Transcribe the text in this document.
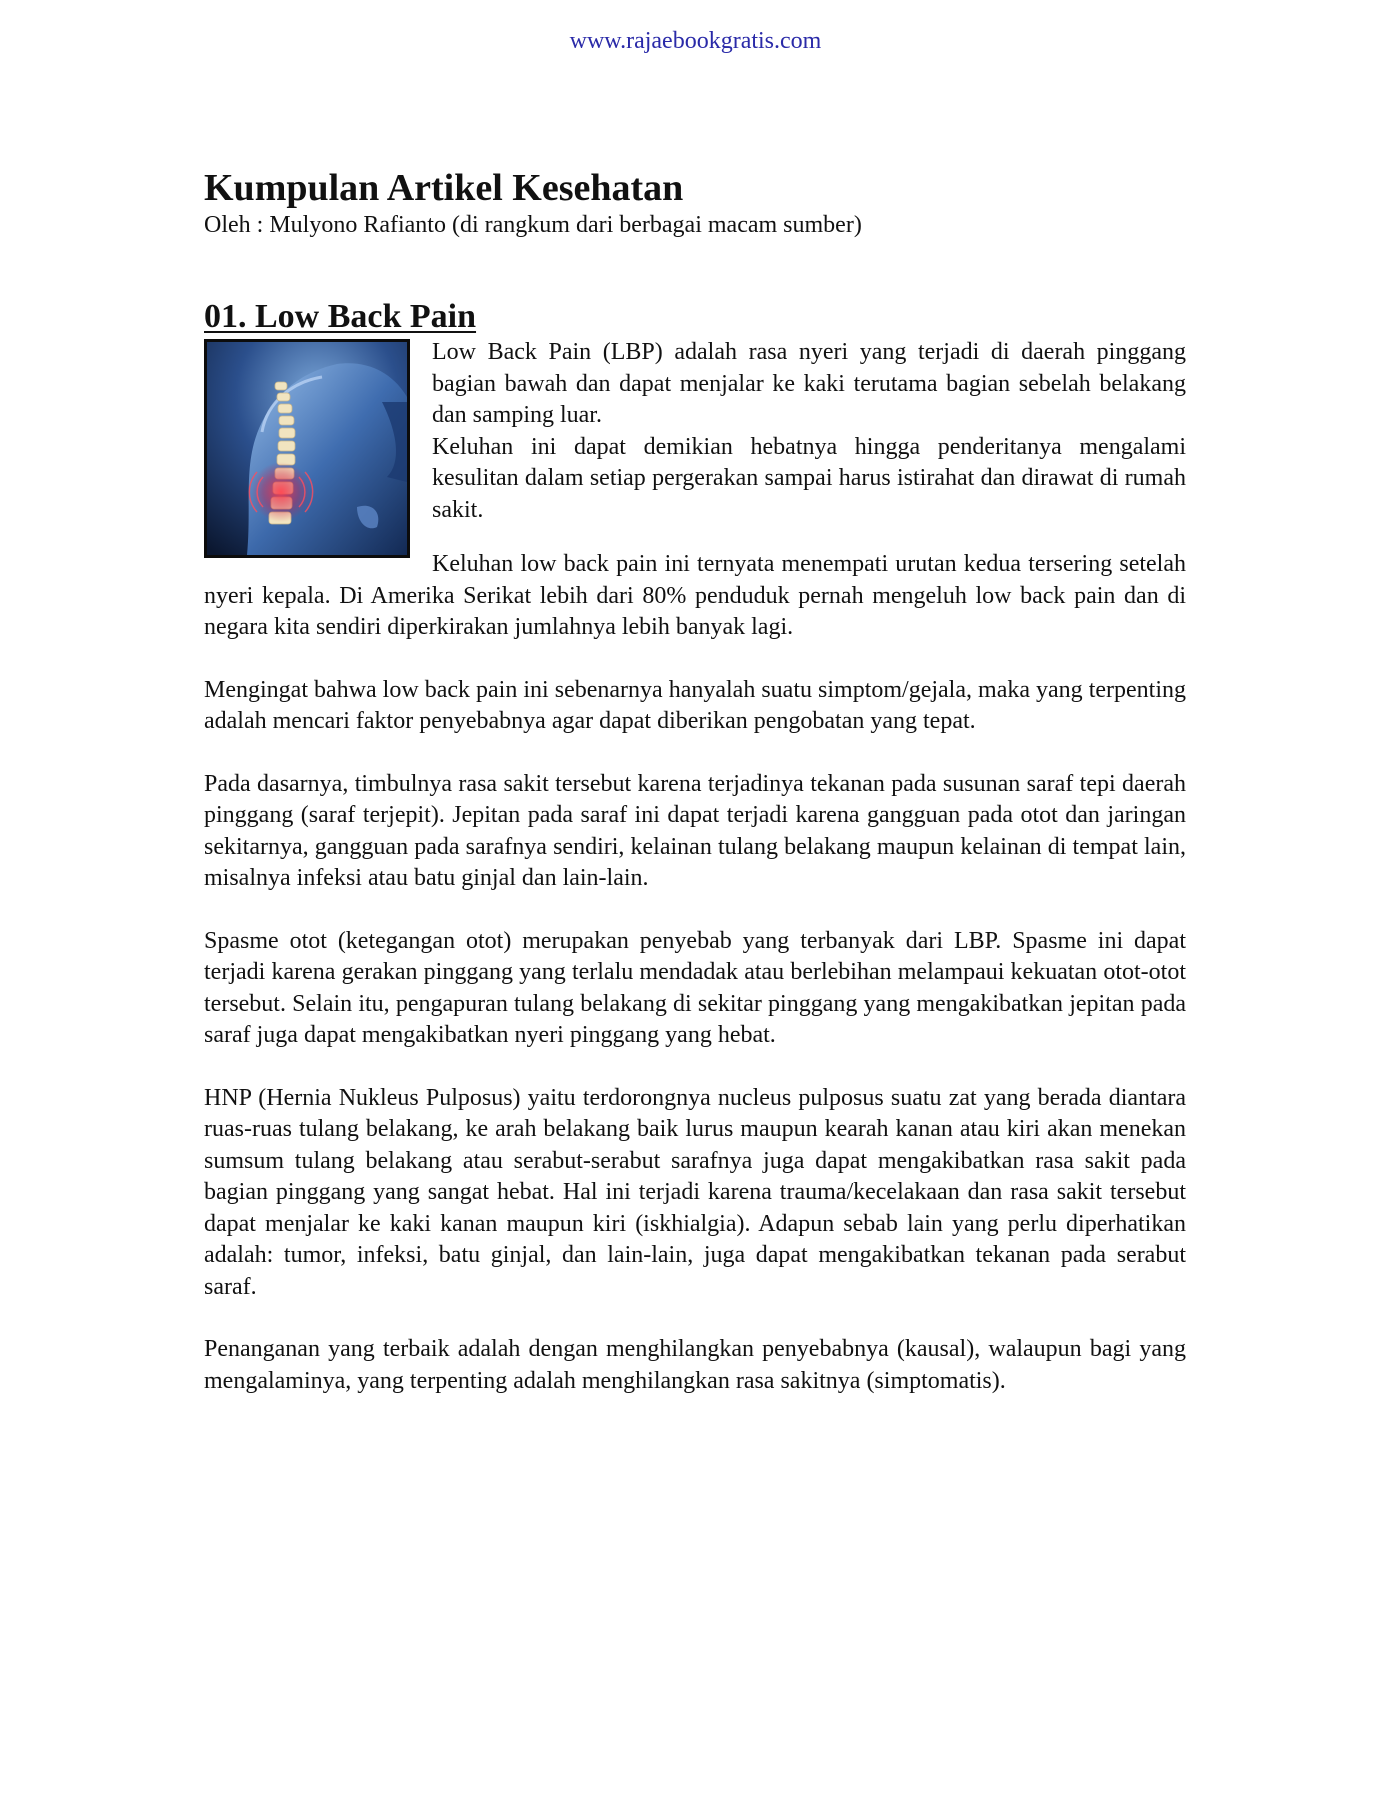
www.rajaebookgratis.com
Kumpulan Artikel Kesehatan

Oleh : Mulyono Rafianto (di rangkum dari berbagai macam sumber)

01. Low Back Pain

Low Back Pain (LBP) adalah rasa nyeri yang terjadi di daerah pinggang bagian bawah dan dapat menjalar ke kaki terutama bagian sebelah belakang dan samping luar.

Keluhan ini dapat demikian hebatnya hingga penderitanya mengalami kesulitan dalam setiap pergerakan sampai harus istirahat dan dirawat di rumah sakit.

Keluhan low back pain ini ternyata menempati urutan kedua tersering setelah nyeri kepala. Di Amerika Serikat lebih dari 80% penduduk pernah mengeluh low back pain dan di negara kita sendiri diperkirakan jumlahnya lebih banyak lagi.

Mengingat bahwa low back pain ini sebenarnya hanyalah suatu simptom/gejala, maka yang terpenting adalah mencari faktor penyebabnya agar dapat diberikan pengobatan yang tepat.

Pada dasarnya, timbulnya rasa sakit tersebut karena terjadinya tekanan pada susunan saraf tepi daerah pinggang (saraf terjepit). Jepitan pada saraf ini dapat terjadi karena gangguan pada otot dan jaringan sekitarnya, gangguan pada sarafnya sendiri, kelainan tulang belakang maupun kelainan di tempat lain, misalnya infeksi atau batu ginjal dan lain-lain.

Spasme otot (ketegangan otot) merupakan penyebab yang terbanyak dari LBP. Spasme ini dapat terjadi karena gerakan pinggang yang terlalu mendadak atau berlebihan melampaui kekuatan otot-otot tersebut. Selain itu, pengapuran tulang belakang di sekitar pinggang yang mengakibatkan jepitan pada saraf juga dapat mengakibatkan nyeri pinggang yang hebat.

HNP (Hernia Nukleus Pulposus) yaitu terdorongnya nucleus pulposus suatu zat yang berada diantara ruas-ruas tulang belakang, ke arah belakang baik lurus maupun kearah kanan atau kiri akan menekan sumsum tulang belakang atau serabut-serabut sarafnya juga dapat mengakibatkan rasa sakit pada bagian pinggang yang sangat hebat. Hal ini terjadi karena trauma/kecelakaan dan rasa sakit tersebut dapat menjalar ke kaki kanan maupun kiri (iskhialgia). Adapun sebab lain yang perlu diperhatikan adalah: tumor, infeksi, batu ginjal, dan lain-lain, juga dapat mengakibatkan tekanan pada serabut saraf.

Penanganan yang terbaik adalah dengan menghilangkan penyebabnya (kausal), walaupun bagi yang mengalaminya, yang terpenting adalah menghilangkan rasa sakitnya (simptomatis).
